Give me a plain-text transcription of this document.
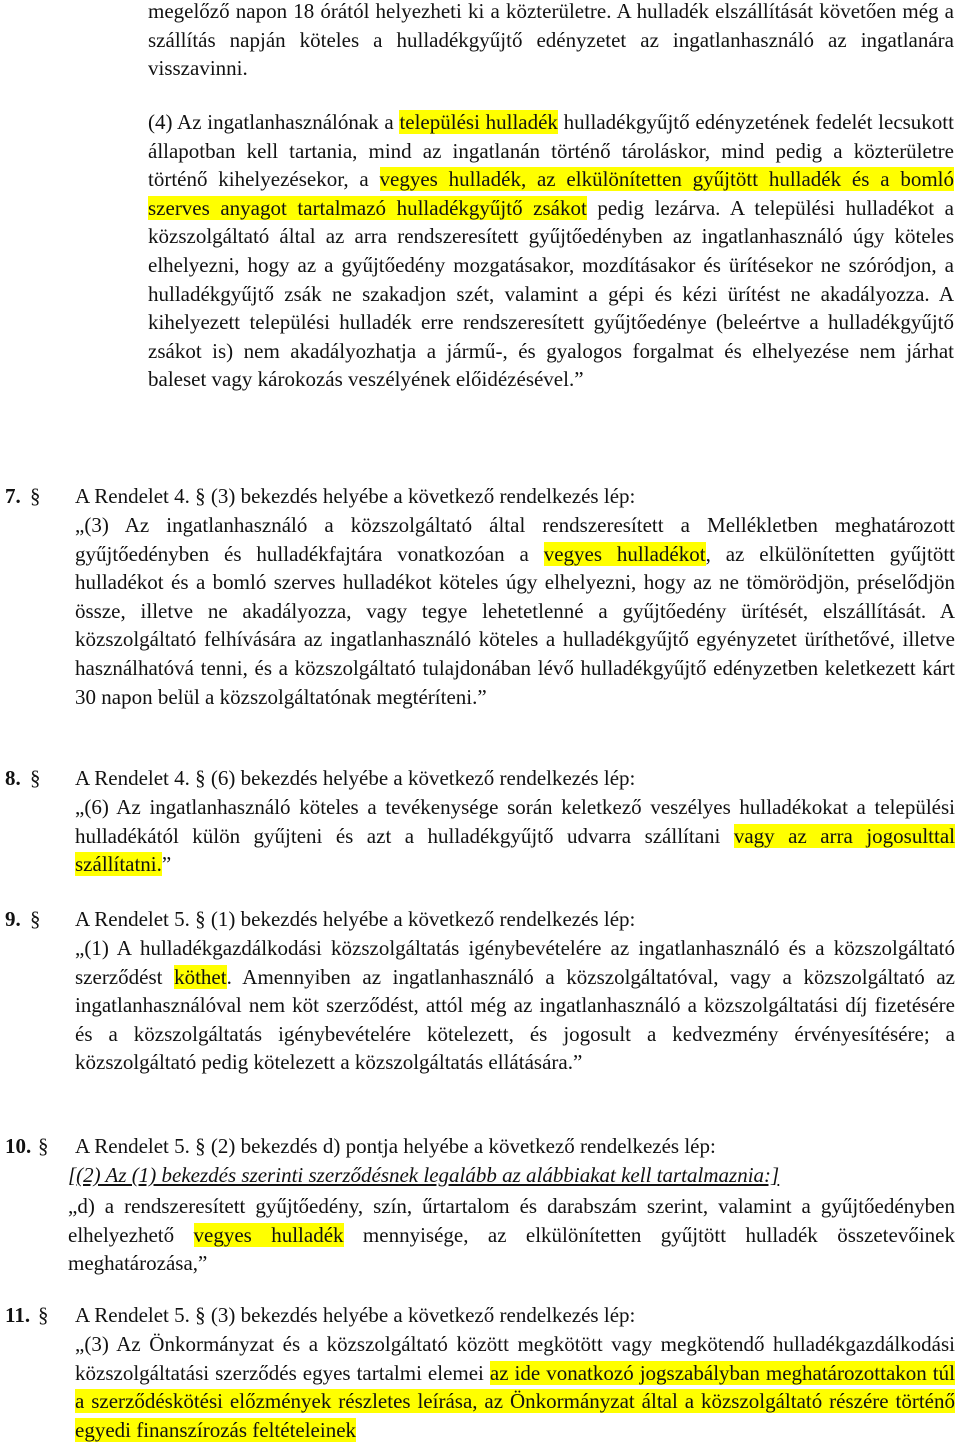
megelőző napon 18 órától helyezheti ki a közterületre. A hulladék elszállítását követően még a szállítás napján köteles a hulladékgyűjtő edényzetet az ingatlanhasználó az ingatlanára visszavinni.
(4) Az ingatlanhasználónak a települési hulladék hulladékgyűjtő edényzetének fedelét lecsukott állapotban kell tartania, mind az ingatlanán történő tároláskor, mind pedig a közterületre történő kihelyezésekor, a vegyes hulladék, az elkülönítetten gyűjtött hulladék és a bomló szerves anyagot tartalmazó hulladékgyűjtő zsákot pedig lezárva. A települési hulladékot a közszolgáltató által az arra rendszeresített gyűjtőedényben az ingatlanhasználó úgy köteles elhelyezni, hogy az a gyűjtőedény mozgatásakor, mozdításakor és ürítésekor ne szóródjon, a hulladékgyűjtő zsák ne szakadjon szét, valamint a gépi és kézi ürítést ne akadályozza. A kihelyezett települési hulladék erre rendszeresített gyűjtőedénye (beleértve a hulladékgyűjtő zsákot is) nem akadályozhatja a jármű-, és gyalogos forgalmat és elhelyezése nem járhat baleset vagy károkozás veszélyének előidézésével.”
7. § A Rendelet 4. § (3) bekezdés helyébe a következő rendelkezés lép:
„(3) Az ingatlanhasználó a közszolgáltató által rendszeresített a Mellékletben meghatározott gyűjtőedényben és hulladékfajtára vonatkozóan a vegyes hulladékot, az elkülönítetten gyűjtött hulladékot és a bomló szerves hulladékot köteles úgy elhelyezni, hogy az ne tömörödjön, préselődjön össze, illetve ne akadályozza, vagy tegye lehetetlenné a gyűjtőedény ürítését, elszállítását. A közszolgáltató felhívására az ingatlanhasználó köteles a hulladékgyűjtő egyényzetet üríthetővé, illetve használhatóvá tenni, és a közszolgáltató tulajdonában lévő hulladékgyűjtő edényzetben keletkezett kárt 30 napon belül a közszolgáltatónak megtéríteni.”
8. § A Rendelet 4. § (6) bekezdés helyébe a következő rendelkezés lép:
„(6) Az ingatlanhasználó köteles a tevékenysége során keletkező veszélyes hulladékokat a települési hulladékától külön gyűjteni és azt a hulladékgyűjtő udvarra szállítani vagy az arra jogosulttal szállítatni.”
9. § A Rendelet 5. § (1) bekezdés helyébe a következő rendelkezés lép:
„(1) A hulladékgazdálkodási közszolgáltatás igénybevételére az ingatlanhasználó és a közszolgáltató szerződést köthet. Amennyiben az ingatlanhasználó a közszolgáltatóval, vagy a közszolgáltató az ingatlanhasználóval nem köt szerződést, attól még az ingatlanhasználó a közszolgáltatási díj fizetésére és a közszolgáltatás igénybevételére kötelezett, és jogosult a kedvezmény érvényesítésére; a közszolgáltató pedig kötelezett a közszolgáltatás ellátására.”
10. § A Rendelet 5. § (2) bekezdés d) pontja helyébe a következő rendelkezés lép:
[(2) Az (1) bekezdés szerinti szerződésnek legalább az alábbiakat kell tartalmaznia:]
„d) a rendszeresített gyűjtőedény, szín, űrtartalom és darabszám szerint, valamint a gyűjtőedényben elhelyezhető vegyes hulladék mennyisége, az elkülönítetten gyűjtött hulladék összetevőinek meghatározása,”
11. § A Rendelet 5. § (3) bekezdés helyébe a következő rendelkezés lép:
„(3) Az Önkormányzat és a közszolgáltató között megkötött vagy megkötendő hulladékgazdálkodási közszolgáltatási szerződés egyes tartalmi elemei az ide vonatkozó jogszabályban meghatározottakon túl a szerződéskötési előzmények részletes leírása, az Önkormányzat által a közszolgáltató részére történő egyedi finanszírozás feltételeinek
